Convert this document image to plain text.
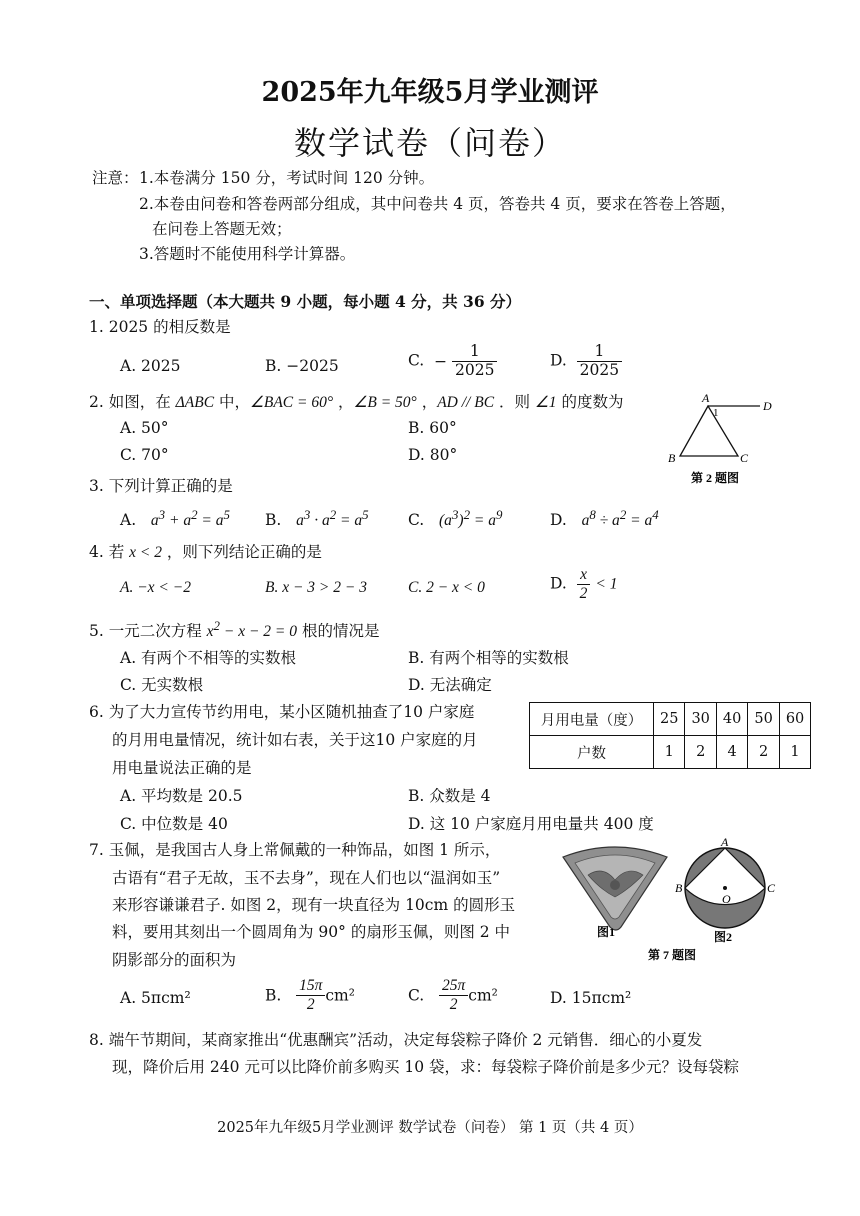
2025年九年级5月学业测评
数学试卷（问卷）
注意： 1.本卷满分 150 分，考试时间 120 分钟。
2.本卷由问卷和答卷两部分组成，其中问卷共 4 页，答卷共 4 页，要求在答卷上答题，
在问卷上答题无效；
3.答题时不能使用科学计算器。
一、单项选择题（本大题共 9 小题，每小题 4 分，共 36 分）
1. 2025 的相反数是
A. 2025	B. −2025	C. − $\frac{1}{2025}$	D. $\frac{1}{2025}$
2. 如图，在 ΔABC 中，∠BAC = 60° ，∠B = 50° ，AD // BC ．则 ∠1 的度数为
A. 50°	B. 60°
C. 70°	D. 80°
A
1	D
B	C
第 2 题图
3. 下列计算正确的是
A. $a^3 + a^2 = a^5$ B. $a^3 \cdot a^2 = a^5$	C. $(a^3)^2 = a^9$	D. $a^8 \div a^2 = a^4$
4. 若 x < 2 ，则下列结论正确的是
A. −x < −2	B. x − 3 > 2 − 3	C. 2 − x < 0	D. $\frac{x}{2} < 1$
5. 一元二次方程 $x^2 - x - 2 = 0$ 根的情况是
A. 有两个不相等的实数根	B. 有两个相等的实数根
C. 无实数根	D. 无法确定
6. 为了大力宣传节约用电，某小区随机抽查了10 户家庭
的月用电量情况，统计如右表，关于这10 户家庭的月
用电量说法正确的是
月用电量（度）	25	30	40	50	60
户数	1	2	4	2	1
A. 平均数是 20.5	B. 众数是 4
C. 中位数是 40	D. 这 10 户家庭月用电量共 400 度
7. 玉佩，是我国古人身上常佩戴的一种饰品，如图 1 所示，
古语有“君子无故，玉不去身”，现在人们也以“温润如玉”
来形容谦谦君子. 如图 2，现有一块直径为 10cm 的圆形玉
料，要用其刻出一个圆周角为 90° 的扇形玉佩，则图 2 中
阴影部分的面积为
图1
A
B	C
O
图2
第 7 题图
A. 5πcm²	B. $\frac{15\pi}{2} cm^2$	C. $\frac{25\pi}{2} cm^2$	D. 15πcm²
8. 端午节期间，某商家推出“优惠酬宾”活动，决定每袋粽子降价 2 元销售．细心的小夏发
现，降价后用 240 元可以比降价前多购买 10 袋，求：每袋粽子降价前是多少元？设每袋粽
2025年九年级5月学业测评 数学试卷（问卷） 第 1 页（共 4 页）
